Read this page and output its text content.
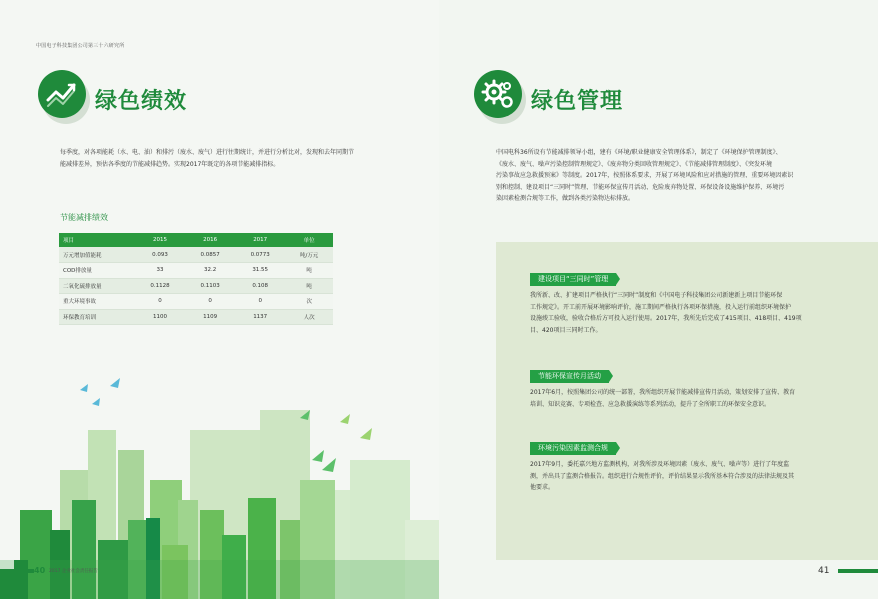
中国电子科技集团公司第三十六研究所
绿色绩效
每季度，对各项能耗（水、电、油）和排污（废水、废气）进行往期统计，并进行分析比对，发现和去年同期节
能减排差异，预估各季度的节能减排趋势。实现2017年既定的各项节能减排指标。
节能减排绩效
项目	2015	2016	2017	单位
万元增加值能耗	0.093	0.0857	0.0773	吨/万元
COD排放量	33	32.2	31.55	吨
二氧化硫排放量	0.1128	0.1103	0.108	吨
重大环境事故	0	0	0	次
环保教育培训	1100	1109	1137	人次
40 2017 企业社会责任报告
绿色管理
中国电科36所设有节能减排领导小组，建有《环境/职业健康安全管理体系》，制定了《环境保护管理制度》、
《废水、废气、噪声污染控制管理规定》、《废弃物分类回收管理规定》、《节能减排管理制度》、《突发环境
污染事故应急救援预案》等制度。2017年，按照体系要求，开展了环境风险和应对措施的管理、重要环境因素识
别和控制、建设项目“三同时”管理、节能环保宣传月活动、危险废弃物处置、环保设备设施维护保养、环境污
染因素检测合规等工作，做到各类污染物达标排放。
建设项目“三同时”管理
我所新、改、扩建项目严格执行“三同时”制度和《中国电子科技集团公司新建新上项目节能环保
工作规定》。开工前开展环境影响评价，施工期间严格执行各项环保措施，投入运行前组织环境保护
设施竣工验收，验收合格后方可投入运行使用。2017年，我所先后完成了415项目、418项目、419项
目、420项目三同时工作。
节能环保宣传月活动
2017年6月，按照集团公司的统一部署，我所组织开展节能减排宣传月活动，策划安排了宣传、教育
培训、知识竞赛、专项检查、应急救援演练等系列活动，提升了全所职工的环保安全意识。
环境污染因素监测合规
2017年9月，委托嘉兴地方监测机构，对我所涉及环境因素（废水、废气、噪声等）进行了年度监
测，并出具了监测合格报告。组织进行合规性评价，评价结果显示我所基本符合涉及的法律法规及其
他要求。
41
